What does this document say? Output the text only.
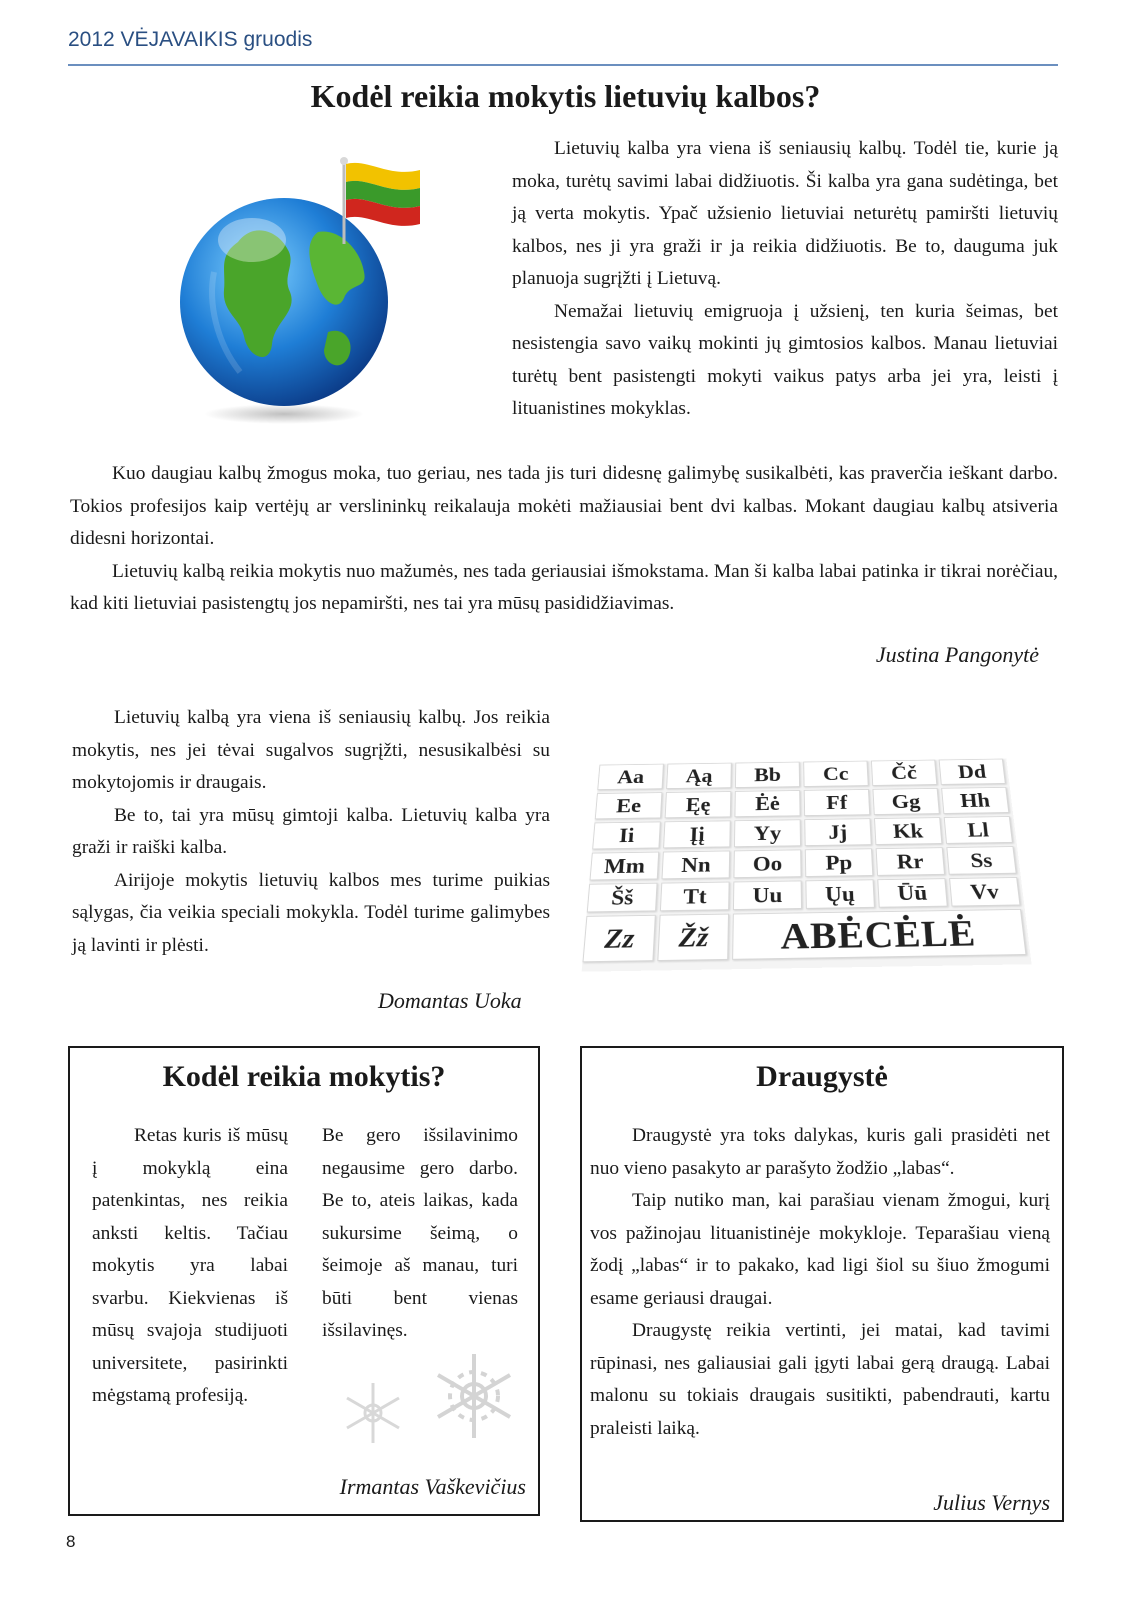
2012 VĖJAVAIKIS gruodis
Kodėl reikia mokytis lietuvių kalbos?

Lietuvių kalba yra viena iš seniausių kalbų. Todėl tie, kurie ją moka, turėtų savimi labai didžiuotis. Ši kalba yra gana sudėtinga, bet ją verta mokytis. Ypač užsienio lietuviai neturėtų pamiršti lietuvių kalbos, nes ji yra graži ir ja reikia didžiuotis. Be to, dauguma juk planuoja sugrįžti į Lietuvą.

Nemažai lietuvių emigruoja į užsienį, ten kuria šeimas, bet nesistengia savo vaikų mokinti jų gimtosios kalbos. Manau lietuviai turėtų bent pasistengti mokyti vaikus patys arba jei yra, leisti į lituanistines mokyklas.

Kuo daugiau kalbų žmogus moka, tuo geriau, nes tada jis turi didesnę galimybę susikalbėti, kas praverčia ieškant darbo. Tokios profesijos kaip vertėjų ar verslininkų reikalauja mokėti mažiausiai bent dvi kalbas. Mokant daugiau kalbų atsiveria didesni horizontai.

Lietuvių kalbą reikia mokytis nuo mažumės, nes tada geriausiai išmokstama. Man ši kalba labai patinka ir tikrai norėčiau, kad kiti lietuviai pasistengtų jos nepamiršti, nes tai yra mūsų pasididžiavimas.

Justina Pangonytė

Lietuvių kalbą yra viena iš seniausių kalbų. Jos reikia mokytis, nes jei tėvai sugalvos sugrįžti, nesusikalbėsi su mokytojomis ir draugais.

Be to, tai yra mūsų gimtoji kalba. Lietuvių kalba yra graži ir raiški kalba.

Airijoje mokytis lietuvių kalbos mes turime puikias sąlygas, čia veikia speciali mokykla. Todėl turime galimybes ją lavinti ir plėsti.

Domantas Uoka
Aa	Ąą	Bb	Cc	Čč	Dd
Ee	Ęę	Ėė	Ff	Gg	Hh
Ii	Įį	Yy	Jj	Kk	Ll
Mm	Nn	Oo	Pp	Rr	Ss
Šš	Tt	Uu	Ųų	Ūū	Vv
Zz	Žž	ABĖCĖLĖ
Kodėl reikia mokytis?

Retas kuris iš mūsų į mokyklą eina patenkintas, nes reikia anksti keltis. Tačiau mokytis yra labai svarbu. Kiekvienas iš mūsų svajoja studijuoti universitete, pasirinkti mėgstamą profesiją.

Be gero išsilavinimo negausime gero darbo. Be to, ateis laikas, kada sukursime šeimą, o šeimoje aš manau, turi būti bent vienas išsilavinęs.

Irmantas Vaškevičius
Draugystė

Draugystė yra toks dalykas, kuris gali prasidėti net nuo vieno pasakyto ar parašyto žodžio „labas“.

Taip nutiko man, kai parašiau vienam žmogui, kurį vos pažinojau lituanistinėje mokykloje. Teparašiau vieną žodį „labas“ ir to pakako, kad ligi šiol su šiuo žmogumi esame geriausi draugai.

Draugystę reikia vertinti, jei matai, kad tavimi rūpinasi, nes galiausiai gali įgyti labai gerą draugą. Labai malonu su tokiais draugais susitikti, pabendrauti, kartu praleisti laiką.

Julius Vernys
8
